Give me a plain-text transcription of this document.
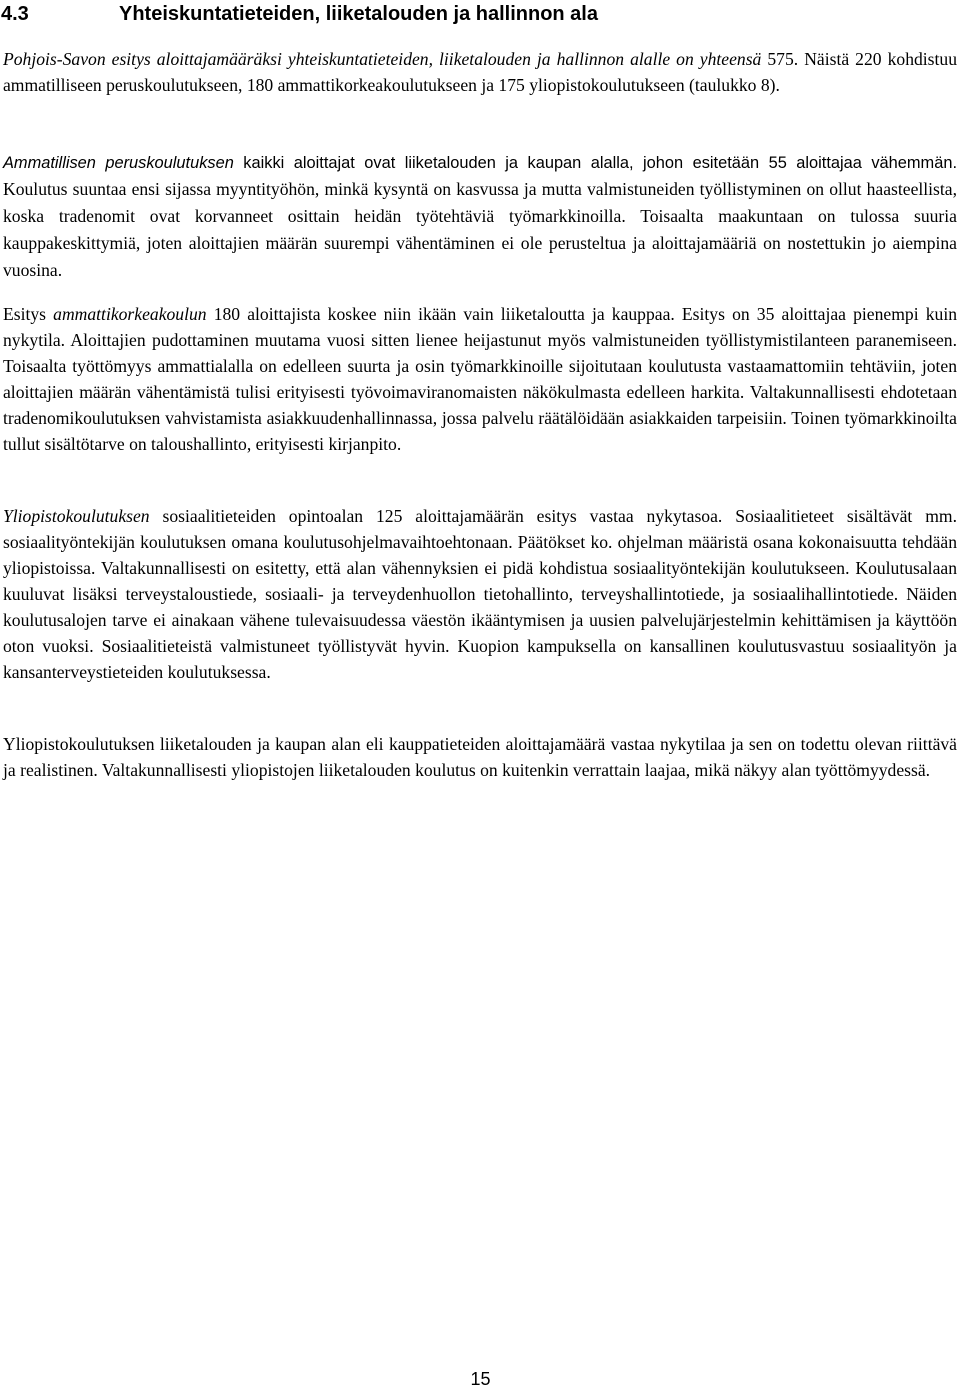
4.3	Yhteiskuntatieteiden, liiketalouden ja hallinnon ala
Pohjois-Savon esitys aloittajamääräksi yhteiskuntatieteiden, liiketalouden ja hallinnon alalle on yhteensä 575. Näistä 220 kohdistuu ammatilliseen peruskoulutukseen, 180 ammattikorkeakoulutukseen ja 175 yliopistokoulutukseen (taulukko 8).
Ammatillisen peruskoulutuksen kaikki aloittajat ovat liiketalouden ja kaupan alalla, johon esitetään 55 aloittajaa vähemmän. Koulutus suuntaa ensi sijassa myyntityöhön, minkä kysyntä on kasvussa ja mutta valmistuneiden työllistyminen on ollut haasteellista, koska tradenomit ovat korvanneet osittain heidän työtehtäviä työmarkkinoilla. Toisaalta maakuntaan on tulossa suuria kauppakeskittymiä, joten aloittajien määrän suurempi vähentäminen ei ole perusteltua ja aloittajamääriä on nostettukin jo aiempina vuosina.
Esitys ammattikorkeakoulun 180 aloittajista koskee niin ikään vain liiketaloutta ja kauppaa. Esitys on 35 aloittajaa pienempi kuin nykytila. Aloittajien pudottaminen muutama vuosi sitten lienee heijastunut myös valmistuneiden työllistymistilanteen paranemiseen. Toisaalta työttömyys ammattialalla on edelleen suurta ja osin työmarkkinoille sijoitutaan koulutusta vastaamattomiin tehtäviin, joten aloittajien määrän vähentämistä tulisi erityisesti työvoimaviranomaisten näkökulmasta edelleen harkita. Valtakunnallisesti ehdotetaan tradenomikoulutuksen vahvistamista asiakkuudenhallinnassa, jossa palvelu räätälöidään asiakkaiden tarpeisiin. Toinen työmarkkinoilta tullut sisältötarve on taloushallinto, erityisesti kirjanpito.
Yliopistokoulutuksen sosiaalitieteiden opintoalan 125 aloittajamäärän esitys vastaa nykytasoa. Sosiaalitieteet sisältävät mm. sosiaalityöntekijän koulutuksen omana koulutusohjelmavaihtoehtonaan. Päätökset ko. ohjelman määristä osana kokonaisuutta tehdään yliopistoissa. Valtakunnallisesti on esitetty, että alan vähennyksien ei pidä kohdistua sosiaalityöntekijän koulutukseen. Koulutusalaan kuuluvat lisäksi terveystaloustiede, sosiaali- ja terveydenhuollon tietohallinto, terveyshallintotiede, ja sosiaalihallintotiede. Näiden koulutusalojen tarve ei ainakaan vähene tulevaisuudessa väestön ikääntymisen ja uusien palvelujärjestelmin kehittämisen ja käyttöön oton vuoksi. Sosiaalitieteistä valmistuneet työllistyvät hyvin. Kuopion kampuksella on kansallinen koulutusvastuu sosiaalityön ja kansanterveystieteiden koulutuksessa.
Yliopistokoulutuksen liiketalouden ja kaupan alan eli kauppatieteiden aloittajamäärä vastaa nykytilaa ja sen on todettu olevan riittävä ja realistinen. Valtakunnallisesti yliopistojen liiketalouden koulutus on kuitenkin verrattain laajaa, mikä näkyy alan työttömyydessä.
15
